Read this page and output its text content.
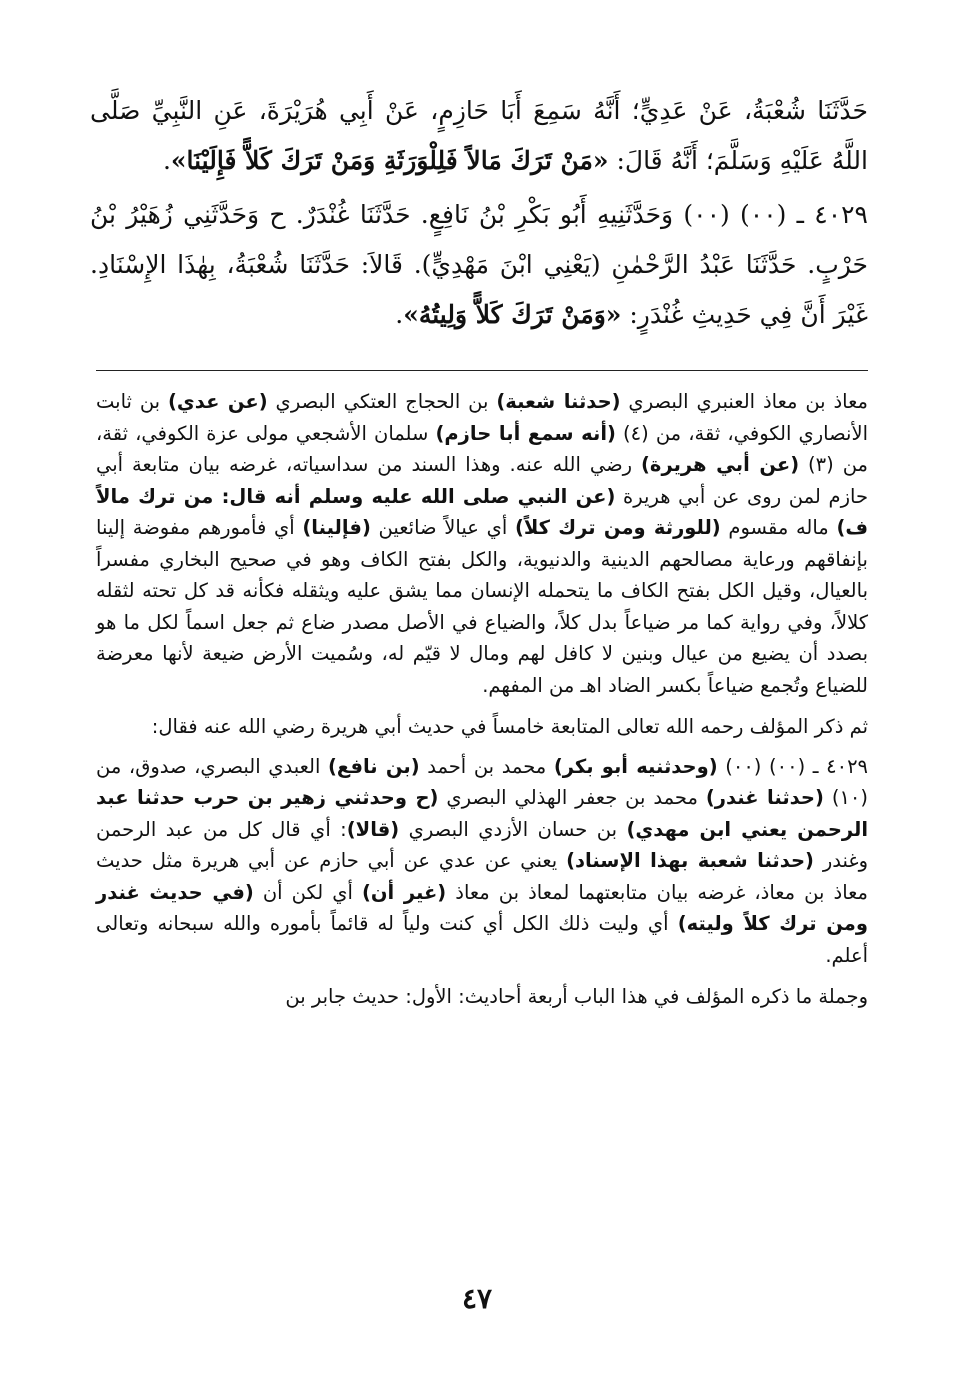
حَدَّثَنَا شُعْبَةُ، عَنْ عَدِيٍّ؛ أَنَّهُ سَمِعَ أَبَا حَازِمٍ، عَنْ أَبِي هُرَيْرَةَ، عَنِ النَّبِيِّ صَلَّى اللَّهُ عَلَيْهِ وَسَلَّمَ؛ أَنَّهُ قَالَ: «مَنْ تَرَكَ مَالاً فَلِلْوَرَثَةِ وَمَنْ تَرَكَ كَلاًّ فَإِلَيْنَا».

٤٠٢٩ ـ (٠٠) (٠٠) وَحَدَّثَنِيهِ أَبُو بَكْرِ بْنُ نَافِعٍ. حَدَّثَنَا غُنْدَرٌ. ح وَحَدَّثَنِي زُهَيْرُ بْنُ حَرْبٍ. حَدَّثَنَا عَبْدُ الرَّحْمٰنِ (يَعْنِي ابْنَ مَهْدِيٍّ). قَالاَ: حَدَّثَنَا شُعْبَةُ، بِهٰذَا الإِسْنَادِ. غَيْرَ أَنَّ فِي حَدِيثِ غُنْدَرٍ: «وَمَنْ تَرَكَ كَلاًّ وَلِيتُهُ».

معاذ بن معاذ العنبري البصري (حدثنا شعبة) بن الحجاج العتكي البصري (عن عدي) بن ثابت الأنصاري الكوفي، ثقة، من (٤) (أنه سمع أبا حازم) سلمان الأشجعي مولى عزة الكوفي، ثقة، من (٣) (عن أبي هريرة) رضي الله عنه. وهذا السند من سداسياته، غرضه بيان متابعة أبي حازم لمن روى عن أبي هريرة (عن النبي صلى الله عليه وسلم أنه قال: من ترك مالاً ف) ماله مقسوم (للورثة ومن ترك كلاً) أي عيالاً ضائعين (فإلينا) أي فأمورهم مفوضة إلينا بإنفاقهم ورعاية مصالحهم الدينية والدنيوية، والكل بفتح الكاف وهو في صحيح البخاري مفسراً بالعيال، وقيل الكل بفتح الكاف ما يتحمله الإنسان مما يشق عليه ويثقله فكأنه قد كل تحته لثقله كلالاً، وفي رواية كما مر ضياعاً بدل كلاً، والضياع في الأصل مصدر ضاع ثم جعل اسماً لكل ما هو بصدد أن يضيع من عيال وبنين لا كافل لهم ومال لا قيّم له، وسُميت الأرض ضيعة لأنها معرضة للضياع وتُجمع ضياعاً بكسر الضاد اهـ من المفهم.

ثم ذكر المؤلف رحمه الله تعالى المتابعة خامساً في حديث أبي هريرة رضي الله عنه فقال:

٤٠٢٩ ـ (٠٠) (٠٠) (وحدثنيه أبو بكر) محمد بن أحمد (بن نافع) العبدي البصري، صدوق، من (١٠) (حدثنا غندر) محمد بن جعفر الهذلي البصري (ح وحدثني زهير بن حرب حدثنا عبد الرحمن يعني ابن مهدي) بن حسان الأزدي البصري (قالا): أي قال كل من عبد الرحمن وغندر (حدثنا شعبة بهذا الإسناد) يعني عن عدي عن أبي حازم عن أبي هريرة مثل حديث معاذ بن معاذ، غرضه بيان متابعتهما لمعاذ بن معاذ (غير أن) أي لكن أن (في حديث غندر ومن ترك كلاً وليته) أي وليت ذلك الكل أي كنت ولياً له قائماً بأموره والله سبحانه وتعالى أعلم.

وجملة ما ذكره المؤلف في هذا الباب أربعة أحاديث: الأول: حديث جابر بن

٤٧
